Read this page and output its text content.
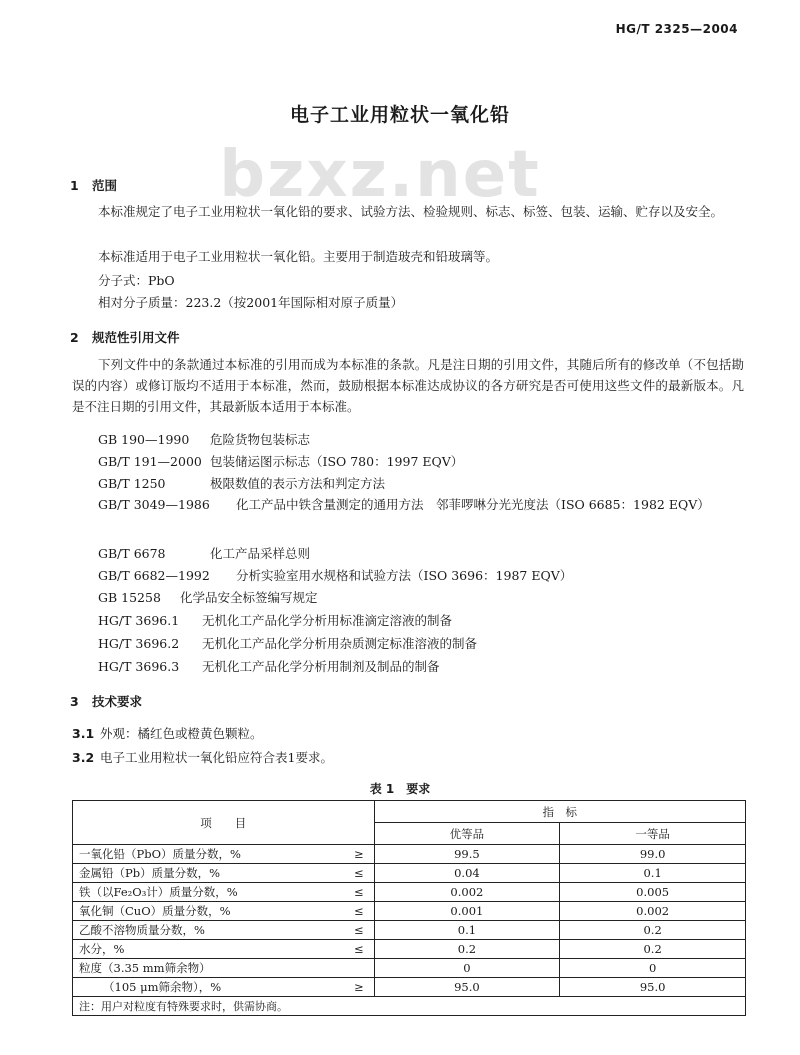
HG/T 2325—2004
bzxz.net
电子工业用粒状一氧化铅
1 范围
本标准规定了电子工业用粒状一氧化铅的要求、试验方法、检验规则、标志、标签、包装、运输、贮存以及安全。
本标准适用于电子工业用粒状一氧化铅。主要用于制造玻壳和铅玻璃等。
分子式：PbO
相对分子质量：223.2（按2001年国际相对原子质量）
2 规范性引用文件
下列文件中的条款通过本标准的引用而成为本标准的条款。凡是注日期的引用文件，其随后所有的修改单（不包括勘误的内容）或修订版均不适用于本标准，然而，鼓励根据本标准达成协议的各方研究是否可使用这些文件的最新版本。凡是不注日期的引用文件，其最新版本适用于本标准。
GB 190—1990 危险货物包装标志
GB/T 191—2000 包装储运图示标志（ISO 780：1997 EQV）
GB/T 1250	极限数值的表示方法和判定方法
GB/T 3049—1986 化工产品中铁含量测定的通用方法　邻菲啰啉分光光度法（ISO 6685：1982 EQV）
GB/T 6678	化工产品采样总则
GB/T 6682—1992 分析实验室用水规格和试验方法（ISO 3696：1987 EQV）
GB 15258 化学品安全标签编写规定
HG/T 3696.1 无机化工产品化学分析用标准滴定溶液的制备
HG/T 3696.2 无机化工产品化学分析用杂质测定标准溶液的制备
HG/T 3696.3 无机化工产品化学分析用制剂及制品的制备
3 技术要求
3.1 外观：橘红色或橙黄色颗粒。
3.2 电子工业用粒状一氧化铅应符合表1要求。
表 1　要求
项　　目		指　标	
		优等品	一等品
一氧化铅（PbO）质量分数，%	≥	99.5	99.0
金属铅（Pb）质量分数，%	≤	0.04	0.1
铁（以Fe₂O₃计）质量分数，%	≤	0.002	0.005
氧化铜（CuO）质量分数，%	≤	0.001	0.002
乙酸不溶物质量分数，%	≤	0.1	0.2
水分，%	≤	0.2	0.2
粒度（3.35 mm筛余物）		0	0
（105 μm筛余物），%	≥	95.0	95.0
注：用户对粒度有特殊要求时，供需协商。			
